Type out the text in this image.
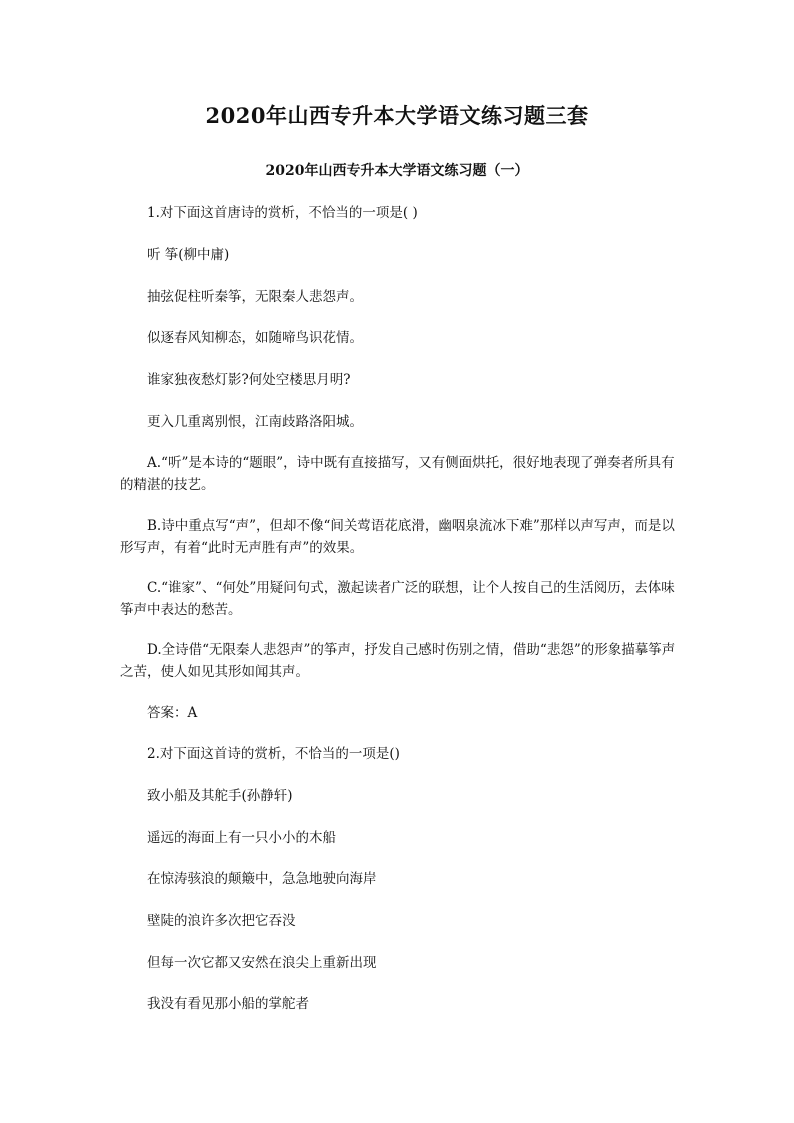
2020年山西专升本大学语文练习题三套
2020年山西专升本大学语文练习题（一）

1.对下面这首唐诗的赏析，不恰当的一项是( )

听 筝(柳中庸)

抽弦促柱听秦筝，无限秦人悲怨声。

似逐春风知柳态，如随啼鸟识花情。

谁家独夜愁灯影?何处空楼思月明?

更入几重离别恨，江南歧路洛阳城。

A.“听”是本诗的“题眼”，诗中既有直接描写，又有侧面烘托，很好地表现了弹奏者所具有的精湛的技艺。

B.诗中重点写“声”，但却不像“间关莺语花底滑，幽咽泉流冰下难”那样以声写声，而是以形写声，有着“此时无声胜有声”的效果。

C.“谁家”、“何处”用疑问句式，激起读者广泛的联想，让个人按自己的生活阅历，去体味筝声中表达的愁苦。

D.全诗借“无限秦人悲怨声”的筝声，抒发自己感时伤别之情，借助“悲怨”的形象描摹筝声之苦，使人如见其形如闻其声。

答案：A

2.对下面这首诗的赏析，不恰当的一项是()

致小船及其舵手(孙静轩)

遥远的海面上有一只小小的木船

在惊涛骇浪的颠簸中，急急地驶向海岸

壁陡的浪许多次把它吞没

但每一次它都又安然在浪尖上重新出现

我没有看见那小船的掌舵者
